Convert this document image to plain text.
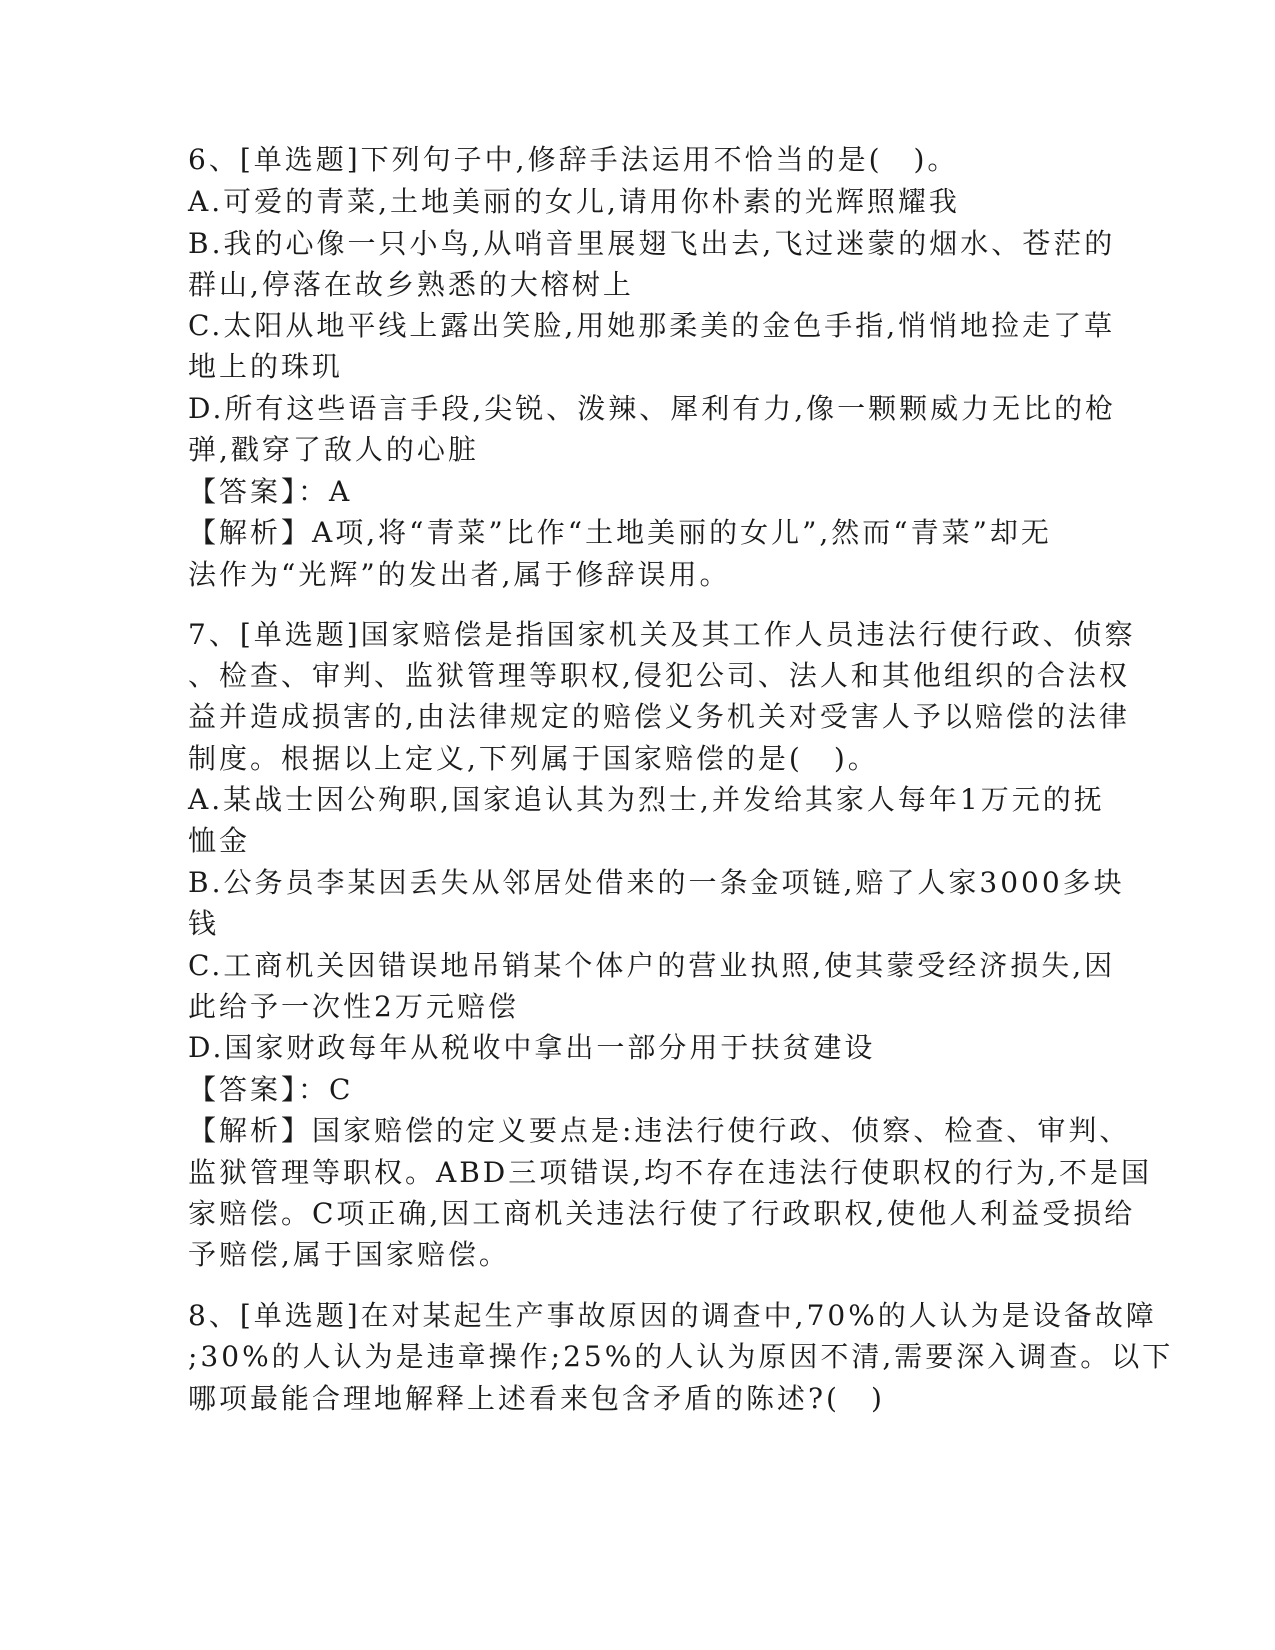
6、[单选题]下列句子中,修辞手法运用不恰当的是(　)。
A.可爱的青菜,土地美丽的女儿,请用你朴素的光辉照耀我
B.我的心像一只小鸟,从哨音里展翅飞出去,飞过迷蒙的烟水、苍茫的
群山,停落在故乡熟悉的大榕树上
C.太阳从地平线上露出笑脸,用她那柔美的金色手指,悄悄地捡走了草
地上的珠玑
D.所有这些语言手段,尖锐、泼辣、犀利有力,像一颗颗威力无比的枪
弹,戳穿了敌人的心脏
【答案】：A
【解析】A项,将“青菜”比作“土地美丽的女儿”,然而“青菜”却无
法作为“光辉”的发出者,属于修辞误用。
7、[单选题]国家赔偿是指国家机关及其工作人员违法行使行政、侦察
、检查、审判、监狱管理等职权,侵犯公司、法人和其他组织的合法权
益并造成损害的,由法律规定的赔偿义务机关对受害人予以赔偿的法律
制度。根据以上定义,下列属于国家赔偿的是(　)。
A.某战士因公殉职,国家追认其为烈士,并发给其家人每年1万元的抚
恤金
B.公务员李某因丢失从邻居处借来的一条金项链,赔了人家3000多块
钱
C.工商机关因错误地吊销某个体户的营业执照,使其蒙受经济损失,因
此给予一次性2万元赔偿
D.国家财政每年从税收中拿出一部分用于扶贫建设
【答案】：C
【解析】国家赔偿的定义要点是:违法行使行政、侦察、检查、审判、
监狱管理等职权。ABD三项错误,均不存在违法行使职权的行为,不是国
家赔偿。C项正确,因工商机关违法行使了行政职权,使他人利益受损给
予赔偿,属于国家赔偿。
8、[单选题]在对某起生产事故原因的调查中,70%的人认为是设备故障
;30%的人认为是违章操作;25%的人认为原因不清,需要深入调查。以下
哪项最能合理地解释上述看来包含矛盾的陈述?(　)
